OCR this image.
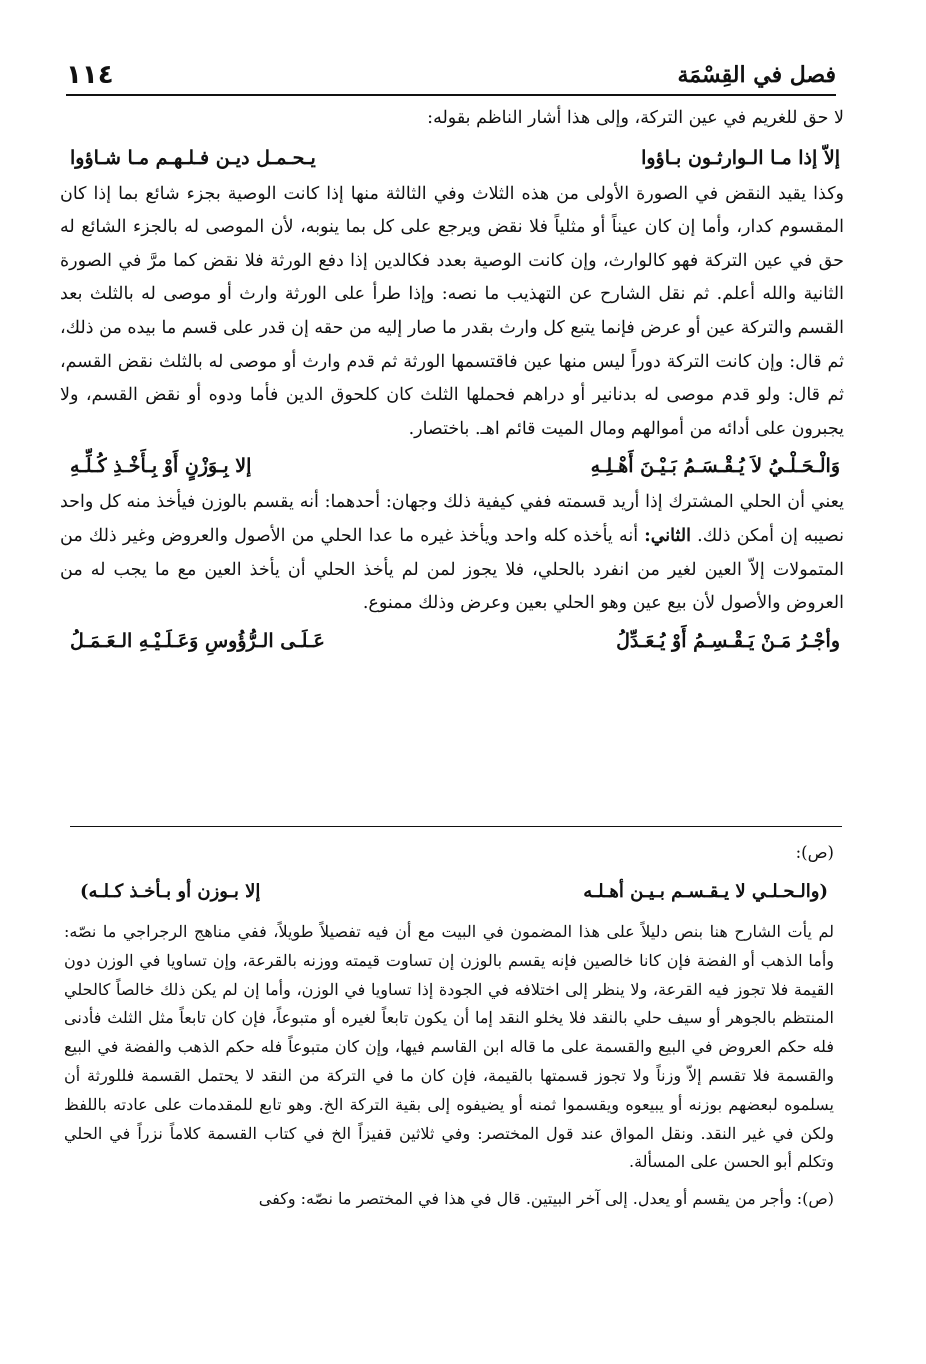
فصل في القِسْمَة
١١٤

لا حق للغريم في عين التركة، وإلى هذا أشار الناظم بقوله:

إلاّ إذا مـا الـوارثـون بـاؤوا
يـحـمـل ديـن فـلـهـم مـا شـاؤوا

وكذا يقيد النقض في الصورة الأولى من هذه الثلاث وفي الثالثة منها إذا كانت الوصية بجزء شائع بما إذا كان المقسوم كدار، وأما إن كان عيناً أو مثلياً فلا نقض ويرجع على كل بما ينوبه، لأن الموصى له بالجزء الشائع له حق في عين التركة فهو كالوارث، وإن كانت الوصية بعدد فكالدين إذا دفع الورثة فلا نقض كما مرَّ في الصورة الثانية والله أعلم. ثم نقل الشارح عن التهذيب ما نصه: وإذا طرأ على الورثة وارث أو موصى له بالثلث بعد القسم والتركة عين أو عرض فإنما يتبع كل وارث بقدر ما صار إليه من حقه إن قدر على قسم ما بيده من ذلك، ثم قال: وإن كانت التركة دوراً ليس منها عين فاقتسمها الورثة ثم قدم وارث أو موصى له بالثلث نقض القسم، ثم قال: ولو قدم موصى له بدنانير أو دراهم فحملها الثلث كان كلحوق الدين فأما ودوه أو نقض القسم، ولا يجبرون على أدائه من أموالهم ومال الميت قائم اهـ. باختصار.

وَالْـحَـلْـيُ لاَ يُـقْـسَـمُ بَـيْـنَ أَهْـلِـهِ
إلا بِـوَزْنٍ أَوْ بِـأَخْـذِ كُـلِّـهِ

يعني أن الحلي المشترك إذا أريد قسمته ففي كيفية ذلك وجهان: أحدهما: أنه يقسم بالوزن فيأخذ منه كل واحد نصيبه إن أمكن ذلك. الثاني: أنه يأخذه كله واحد ويأخذ غيره ما عدا الحلي من الأصول والعروض وغير ذلك من المتمولات إلاّ العين لغير من انفرد بالحلي، فلا يجوز لمن لم يأخذ الحلي أن يأخذ العين مع ما يجب له من العروض والأصول لأن بيع عين وهو الحلي بعين وعرض وذلك ممنوع.

وأجْـرُ مَـنْ يَـقْـسِـمُ أَوْ يُـعَـدِّلُ
عَـلَـى الـرُّؤُوسِ وَعَـلَـيْـهِ الـعَـمَـلُ

(ص):

(والـحـلـي لا يـقـسـم بـيـن أهـلـه
إلا بـوزن أو بـأخـذ كـلـه)

لم يأت الشارح هنا بنص دليلاً على هذا المضمون في البيت مع أن فيه تفصيلاً طويلاً، ففي مناهج الرجراجي ما نصّه: وأما الذهب أو الفضة فإن كانا خالصين فإنه يقسم بالوزن إن تساوت قيمته ووزنه بالقرعة، وإن تساويا في الوزن دون القيمة فلا تجوز فيه القرعة، ولا ينظر إلى اختلافه في الجودة إذا تساويا في الوزن، وأما إن لم يكن ذلك خالصاً كالحلي المنتظم بالجوهر أو سيف حلي بالنقد فلا يخلو النقد إما أن يكون تابعاً لغيره أو متبوعاً، فإن كان تابعاً مثل الثلث فأدنى فله حكم العروض في البيع والقسمة على ما قاله ابن القاسم فيها، وإن كان متبوعاً فله حكم الذهب والفضة في البيع والقسمة فلا تقسم إلاّ وزناً ولا تجوز قسمتها بالقيمة، فإن كان ما في التركة من النقد لا يحتمل القسمة فللورثة أن يسلموه لبعضهم بوزنه أو يبيعوه ويقسموا ثمنه أو يضيفوه إلى بقية التركة الخ. وهو تابع للمقدمات على عادته باللفظ ولكن في غير النقد. ونقل المواق عند قول المختصر: وفي ثلاثين قفيزاً الخ في كتاب القسمة كلاماً نزراً في الحلي وتكلم أبو الحسن على المسألة.

(ص): وأجر من يقسم أو يعدل. إلى آخر البيتين. قال في هذا في المختصر ما نصّه: وكفى
